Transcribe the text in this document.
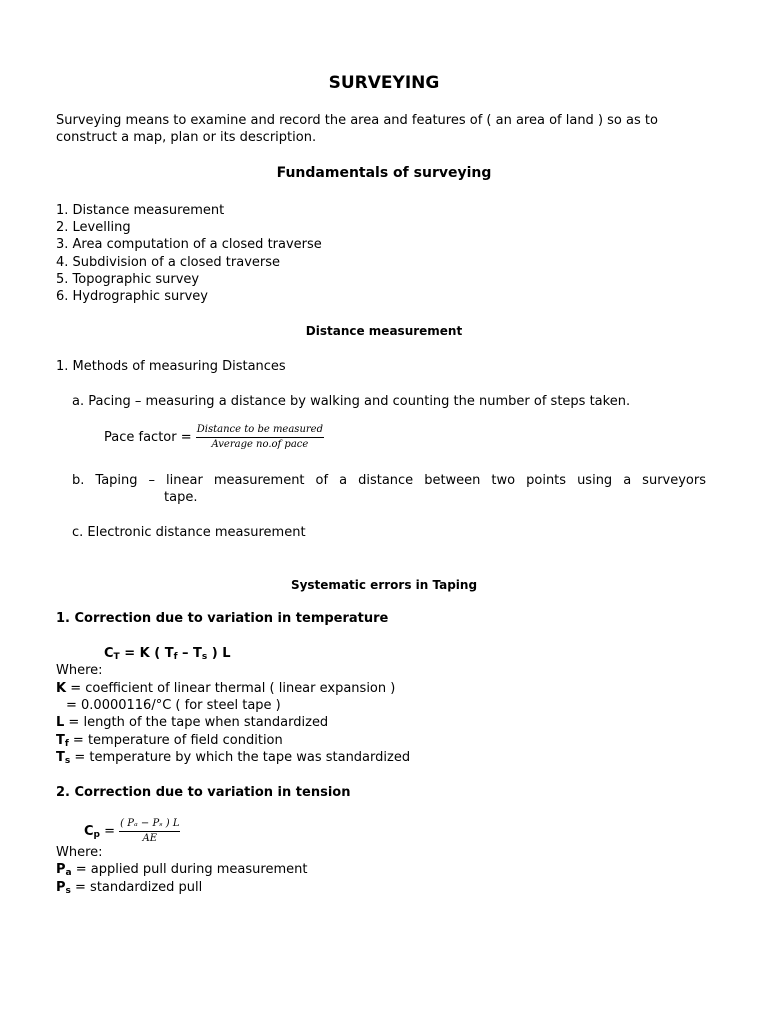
SURVEYING
Surveying means to examine and record the area and features of ( an area of land ) so as to construct a map, plan or its description.
Fundamentals of surveying
1. Distance measurement
2. Levelling
3. Area computation of a closed traverse
4. Subdivision of a closed traverse
5. Topographic survey
6. Hydrographic survey
Distance measurement
1. Methods of measuring Distances
a. Pacing – measuring a distance by walking and counting the number of steps taken.
Pace factor = $\frac{\text{Distance to be measured}}{\text{Average no.of pace}}$
b. Taping – linear measurement of a distance between two points using a surveyors
tape.
c. Electronic distance measurement
Systematic errors in Taping
1. Correction due to variation in temperature
$C_T = K$ ( $T_f - T_s$ ) L
Where:
K = coefficient of linear thermal ( linear expansion )
= 0.0000116/°C ( for steel tape )
L = length of the tape when standardized
$T_f$ = temperature of field condition
$T_s$ = temperature by which the tape was standardized
2. Correction due to variation in tension
$C_p = \frac{\text{( Pₐ − Pₛ ) L}}{AE}$
Where:
$P_a$ = applied pull during measurement
$P_s$ = standardized pull
